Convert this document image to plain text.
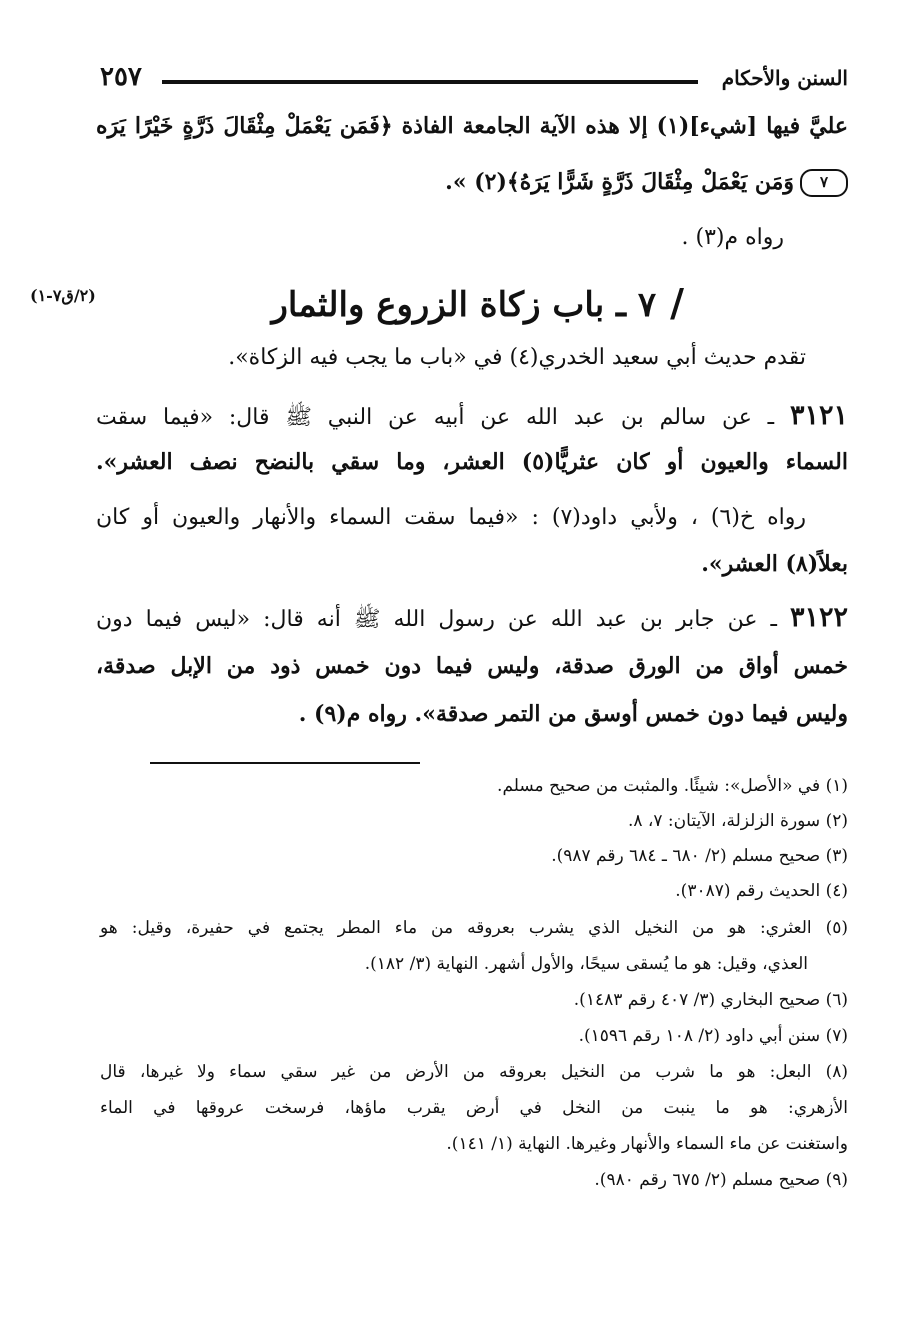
السنن والأحكام
٢٥٧
عليَّ فيها [شيء](١) إلا هذه الآية الجامعة الفاذة ﴿فَمَن يَعْمَلْ مِثْقَالَ ذَرَّةٍ خَيْرًا يَرَه
٧وَمَن يَعْمَلْ مِثْقَالَ ذَرَّةٍ شَرًّا يَرَهُ﴾(٢) ».
رواه م(٣) .
/٧ ـ باب زكاة الزروع والثمار
(٢/ق٧-١)
تقدم حديث أبي سعيد الخدري(٤) في «باب ما يجب فيه الزكاة».
٣١٢١ ـ عن سالم بن عبد الله عن أبيه عن النبي ﷺ قال: «فيما سقت
السماء والعيون أو كان عثريًّا(٥) العشر، وما سقي بالنضح نصف العشر».
رواه خ(٦) ، ولأبي داود(٧) : «فيما سقت السماء والأنهار والعيون أو كان
بعلاً(٨) العشر».
٣١٢٢ ـ عن جابر بن عبد الله عن رسول الله ﷺ أنه قال: «ليس فيما دون
خمس أواق من الورق صدقة، وليس فيما دون خمس ذود من الإبل صدقة،
وليس فيما دون خمس أوسق من التمر صدقة». رواه م(٩) .
(١) في «الأصل»: شيئًا. والمثبت من صحيح مسلم.
(٢) سورة الزلزلة، الآيتان: ٧، ٨.
(٣) صحيح مسلم (٢/ ٦٨٠ ـ ٦٨٤ رقم ٩٨٧).
(٤) الحديث رقم (٣٠٨٧).
(٥) العثري: هو من النخيل الذي يشرب بعروقه من ماء المطر يجتمع في حفيرة، وقيل: هو
العذي، وقيل: هو ما يُسقى سيحًا، والأول أشهر. النهاية (٣/ ١٨٢).
(٦) صحيح البخاري (٣/ ٤٠٧ رقم ١٤٨٣).
(٧) سنن أبي داود (٢/ ١٠٨ رقم ١٥٩٦).
(٨) البعل: هو ما شرب من النخيل بعروقه من الأرض من غير سقي سماء ولا غيرها، قال
الأزهري: هو ما ينبت من النخل في أرض يقرب ماؤها، فرسخت عروقها في الماء
واستغنت عن ماء السماء والأنهار وغيرها. النهاية (١/ ١٤١).
(٩) صحيح مسلم (٢/ ٦٧٥ رقم ٩٨٠).
